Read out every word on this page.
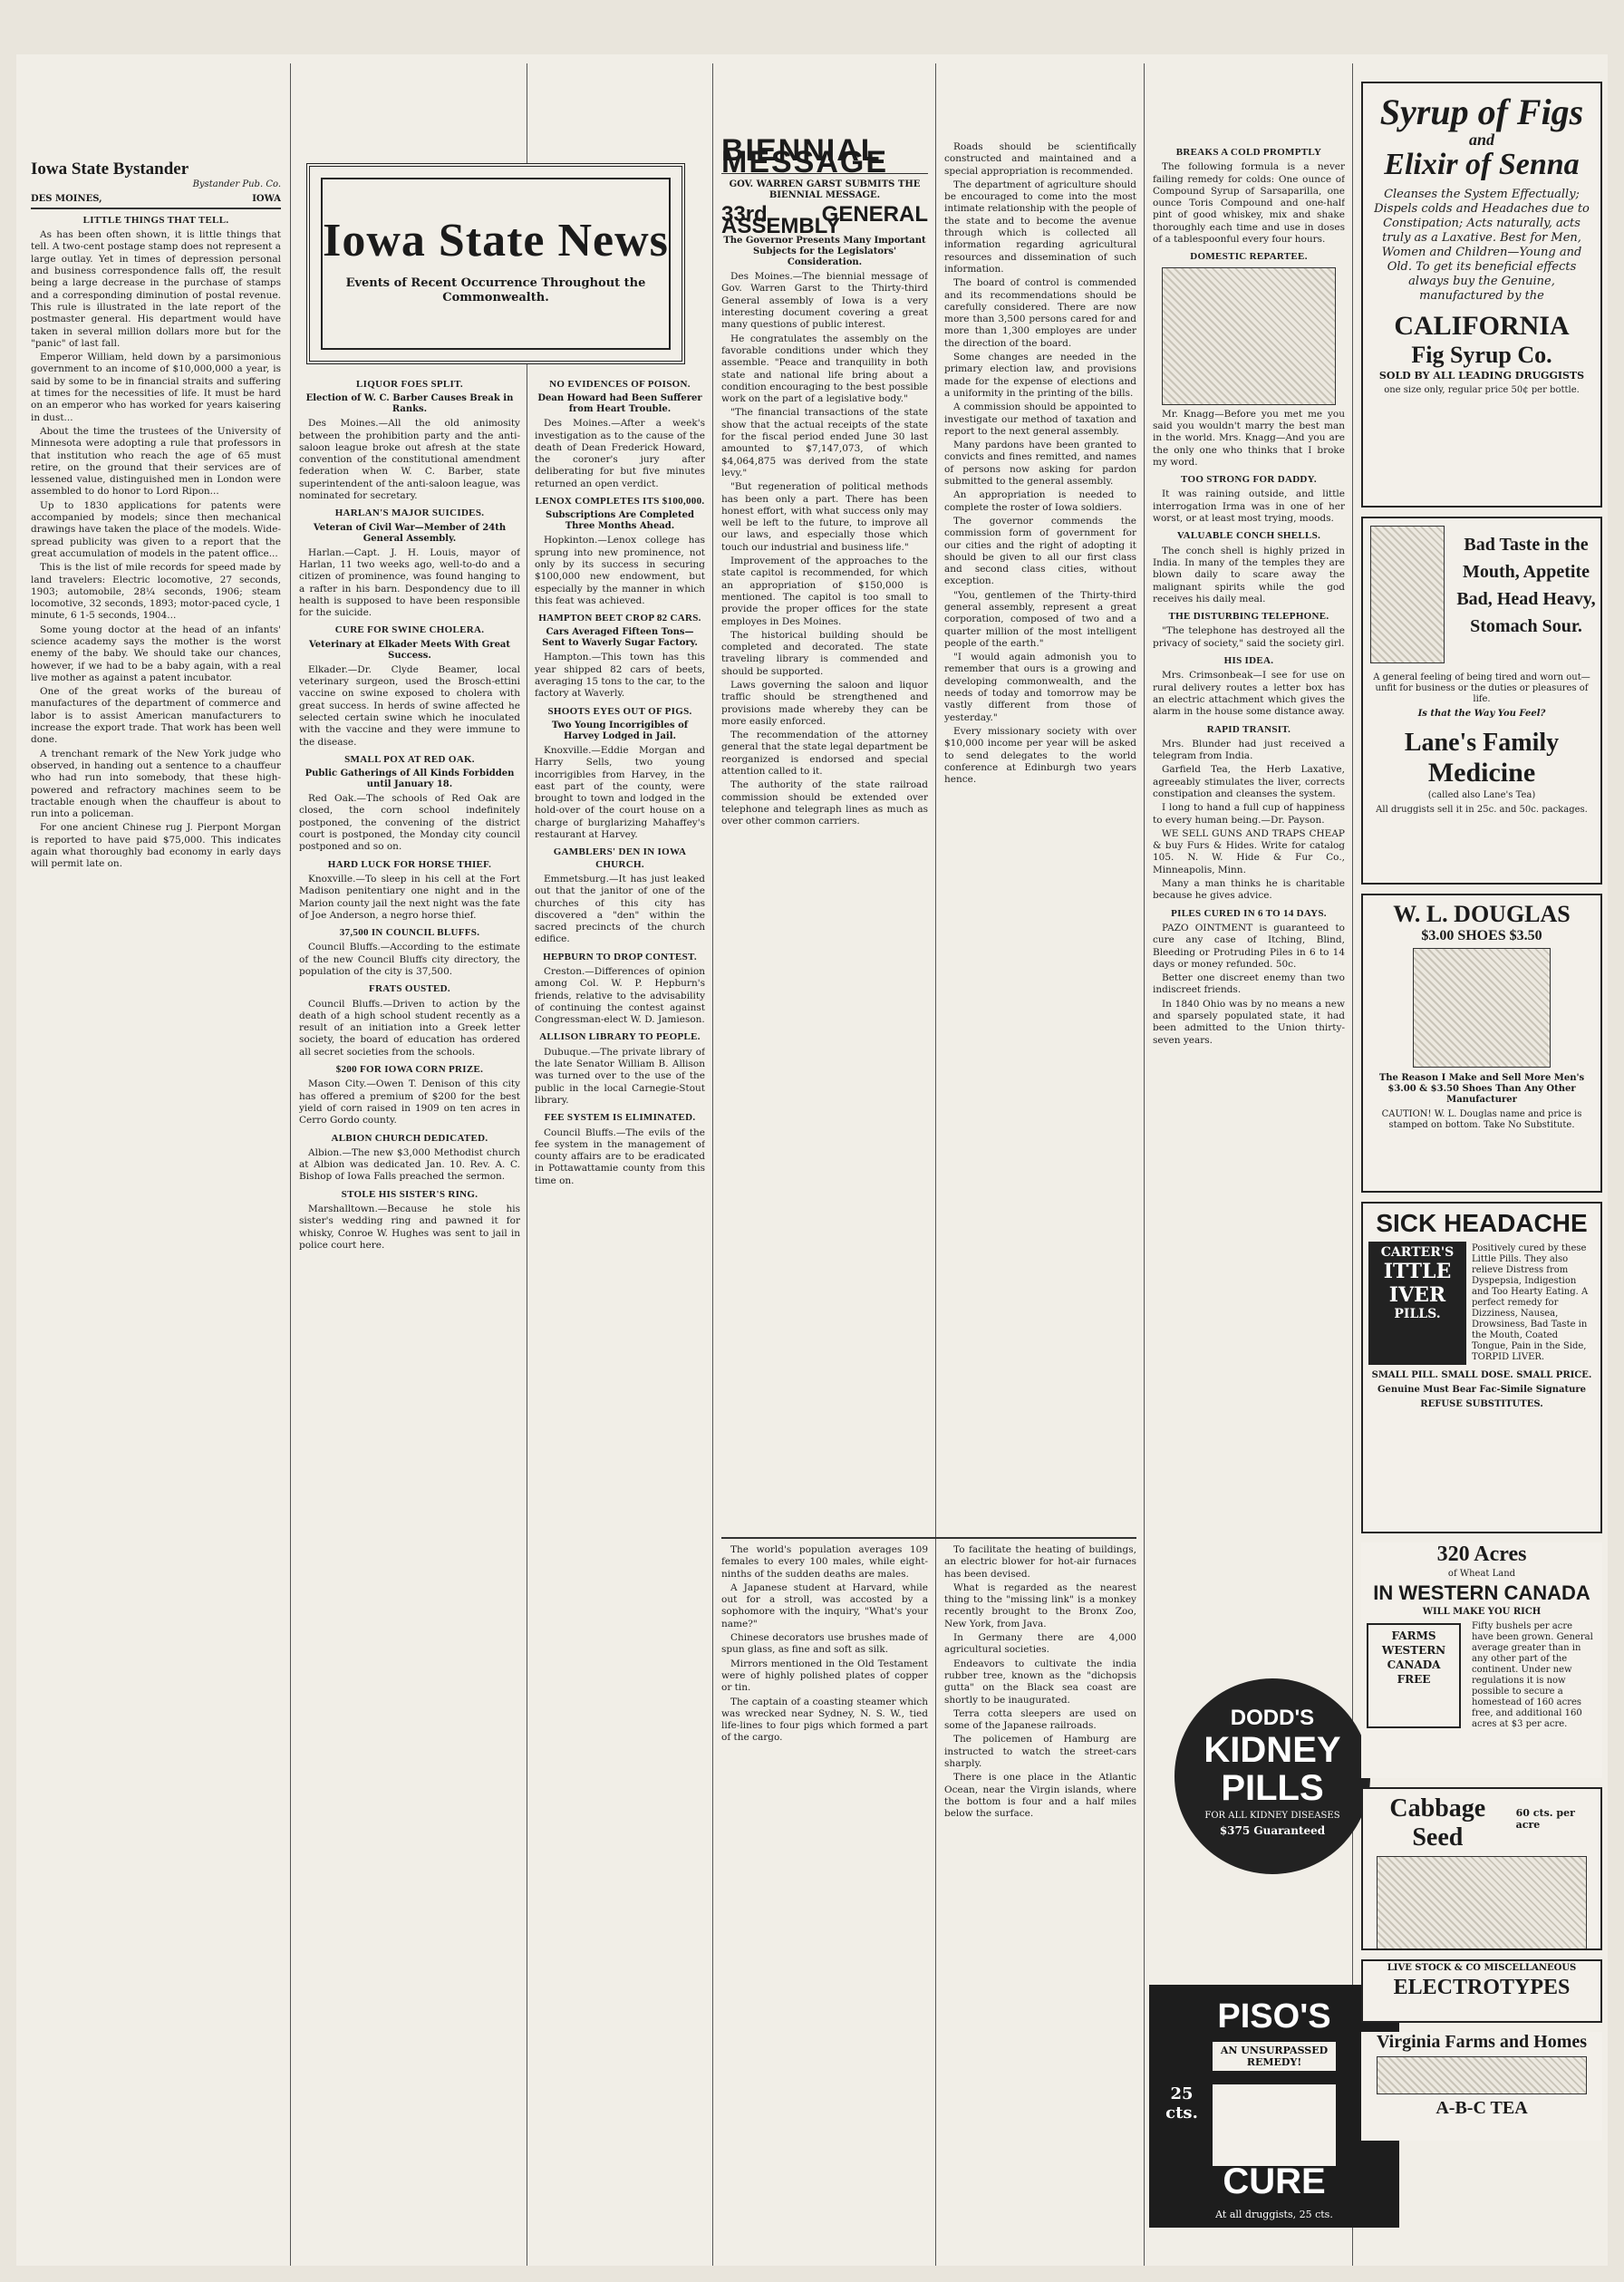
Iowa State Bystander
Bystander Pub. Co.
DES MOINES,	IOWA
LITTLE THINGS THAT TELL.

As has been often shown, it is little things that tell. A two-cent postage stamp does not represent a large outlay. Yet in times of depression personal and business correspondence falls off, the result being a large decrease in the purchase of stamps and a corresponding diminution of postal revenue. This rule is illustrated in the late report of the postmaster general. His department would have taken in several million dollars more but for the "panic" of last fall.

Emperor William, held down by a parsimonious government to an income of $10,000,000 a year, is said by some to be in financial straits and suffering at times for the necessities of life. It must be hard on an emperor who has worked for years kaisering in dust...

About the time the trustees of the University of Minnesota were adopting a rule that professors in that institution who reach the age of 65 must retire, on the ground that their services are of lessened value, distinguished men in London were assembled to do honor to Lord Ripon...

Up to 1830 applications for patents were accompanied by models; since then mechanical drawings have taken the place of the models. Wide-spread publicity was given to a report that the great accumulation of models in the patent office...

This is the list of mile records for speed made by land travelers: Electric locomotive, 27 seconds, 1903; automobile, 28¼ seconds, 1906; steam locomotive, 32 seconds, 1893; motor-paced cycle, 1 minute, 6 1-5 seconds, 1904...

Some young doctor at the head of an infants' science academy says the mother is the worst enemy of the baby. We should take our chances, however, if we had to be a baby again, with a real live mother as against a patent incubator.

One of the great works of the bureau of manufactures of the department of commerce and labor is to assist American manufacturers to increase the export trade. That work has been well done.

A trenchant remark of the New York judge who observed, in handing out a sentence to a chauffeur who had run into somebody, that these high-powered and refractory machines seem to be tractable enough when the chauffeur is about to run into a policeman.

For one ancient Chinese rug J. Pierpont Morgan is reported to have paid $75,000. This indicates again what thoroughly bad economy in early days will permit late on.

Iowa State News
Events of Recent Occurrence Throughout the Commonwealth.
LIQUOR FOES SPLIT.
Election of W. C. Barber Causes Break in Ranks.

Des Moines.—All the old animosity between the prohibition party and the anti-saloon league broke out afresh at the state convention of the constitutional amendment federation when W. C. Barber, state superintendent of the anti-saloon league, was nominated for secretary.

HARLAN'S MAJOR SUICIDES.
Veteran of Civil War—Member of 24th General Assembly.

Harlan.—Capt. J. H. Louis, mayor of Harlan, 11 two weeks ago, well-to-do and a citizen of prominence, was found hanging to a rafter in his barn. Despondency due to ill health is supposed to have been responsible for the suicide.

CURE FOR SWINE CHOLERA.
Veterinary at Elkader Meets With Great Success.

Elkader.—Dr. Clyde Beamer, local veterinary surgeon, used the Brosch-ettini vaccine on swine exposed to cholera with great success. In herds of swine affected he selected certain swine which he inoculated with the vaccine and they were immune to the disease.

SMALL POX AT RED OAK.
Public Gatherings of All Kinds Forbidden until January 18.

Red Oak.—The schools of Red Oak are closed, the corn school indefinitely postponed, the convening of the district court is postponed, the Monday city council postponed and so on.

HARD LUCK FOR HORSE THIEF.

Knoxville.—To sleep in his cell at the Fort Madison penitentiary one night and in the Marion county jail the next night was the fate of Joe Anderson, a negro horse thief.

37,500 IN COUNCIL BLUFFS.

Council Bluffs.—According to the estimate of the new Council Bluffs city directory, the population of the city is 37,500.

FRATS OUSTED.

Council Bluffs.—Driven to action by the death of a high school student recently as a result of an initiation into a Greek letter society, the board of education has ordered all secret societies from the schools.

$200 FOR IOWA CORN PRIZE.

Mason City.—Owen T. Denison of this city has offered a premium of $200 for the best yield of corn raised in 1909 on ten acres in Cerro Gordo county.

ALBION CHURCH DEDICATED.

Albion.—The new $3,000 Methodist church at Albion was dedicated Jan. 10. Rev. A. C. Bishop of Iowa Falls preached the sermon.

STOLE HIS SISTER'S RING.

Marshalltown.—Because he stole his sister's wedding ring and pawned it for whisky, Conroe W. Hughes was sent to jail in police court here.

NO EVIDENCES OF POISON.
Dean Howard had Been Sufferer from Heart Trouble.

Des Moines.—After a week's investigation as to the cause of the death of Dean Frederick Howard, the coroner's jury after deliberating for but five minutes returned an open verdict.

LENOX COMPLETES ITS $100,000.
Subscriptions Are Completed Three Months Ahead.

Hopkinton.—Lenox college has sprung into new prominence, not only by its success in securing $100,000 new endowment, but especially by the manner in which this feat was achieved.

HAMPTON BEET CROP 82 CARS.
Cars Averaged Fifteen Tons—Sent to Waverly Sugar Factory.

Hampton.—This town has this year shipped 82 cars of beets, averaging 15 tons to the car, to the factory at Waverly.

SHOOTS EYES OUT OF PIGS.
Two Young Incorrigibles of Harvey Lodged in Jail.

Knoxville.—Eddie Morgan and Harry Sells, two young incorrigibles from Harvey, in the east part of the county, were brought to town and lodged in the hold-over of the court house on a charge of burglarizing Mahaffey's restaurant at Harvey.

GAMBLERS' DEN IN IOWA CHURCH.

Emmetsburg.—It has just leaked out that the janitor of one of the churches of this city has discovered a "den" within the sacred precincts of the church edifice.

HEPBURN TO DROP CONTEST.

Creston.—Differences of opinion among Col. W. P. Hepburn's friends, relative to the advisability of continuing the contest against Congressman-elect W. D. Jamieson.

ALLISON LIBRARY TO PEOPLE.

Dubuque.—The private library of the late Senator William B. Allison was turned over to the use of the public in the local Carnegie-Stout library.

FEE SYSTEM IS ELIMINATED.

Council Bluffs.—The evils of the fee system in the management of county affairs are to be eradicated in Pottawattamie county from this time on.

BIENNIAL MESSAGE
GOV. WARREN GARST SUBMITS THE BIENNIAL MESSAGE.
33rd GENERAL ASSEMBLY
The Governor Presents Many Important Subjects for the Legislators' Consideration.

Des Moines.—The biennial message of Gov. Warren Garst to the Thirty-third General assembly of Iowa is a very interesting document covering a great many questions of public interest.

He congratulates the assembly on the favorable conditions under which they assemble. "Peace and tranquility in both state and national life bring about a condition encouraging to the best possible work on the part of a legislative body."

"The financial transactions of the state show that the actual receipts of the state for the fiscal period ended June 30 last amounted to $7,147,073, of which $4,064,875 was derived from the state levy."

"But regeneration of political methods has been only a part. There has been honest effort, with what success only may well be left to the future, to improve all our laws, and especially those which touch our industrial and business life."

Improvement of the approaches to the state capitol is recommended, for which an appropriation of $150,000 is mentioned. The capitol is too small to provide the proper offices for the state employes in Des Moines.

The historical building should be completed and decorated. The state traveling library is commended and should be supported.

Laws governing the saloon and liquor traffic should be strengthened and provisions made whereby they can be more easily enforced.

The recommendation of the attorney general that the state legal department be reorganized is endorsed and special attention called to it.

The authority of the state railroad commission should be extended over telephone and telegraph lines as much as over other common carriers.

Roads should be scientifically constructed and maintained and a special appropriation is recommended.

The department of agriculture should be encouraged to come into the most intimate relationship with the people of the state and to become the avenue through which is collected all information regarding agricultural resources and dissemination of such information.

The board of control is commended and its recommendations should be carefully considered. There are now more than 3,500 persons cared for and more than 1,300 employes are under the direction of the board.

Some changes are needed in the primary election law, and provisions made for the expense of elections and a uniformity in the printing of the bills.

A commission should be appointed to investigate our method of taxation and report to the next general assembly.

Many pardons have been granted to convicts and fines remitted, and names of persons now asking for pardon submitted to the general assembly.

An appropriation is needed to complete the roster of Iowa soldiers.

The governor commends the commission form of government for our cities and the right of adopting it should be given to all our first class and second class cities, without exception.

"You, gentlemen of the Thirty-third general assembly, represent a great corporation, composed of two and a quarter million of the most intelligent people of the earth."

"I would again admonish you to remember that ours is a growing and developing commonwealth, and the needs of today and tomorrow may be vastly different from those of yesterday."

Every missionary society with over $10,000 income per year will be asked to send delegates to the world conference at Edinburgh two years hence.

The world's population averages 109 females to every 100 males, while eight-ninths of the sudden deaths are males.

A Japanese student at Harvard, while out for a stroll, was accosted by a sophomore with the inquiry, "What's your name?"

Chinese decorators use brushes made of spun glass, as fine and soft as silk.

Mirrors mentioned in the Old Testament were of highly polished plates of copper or tin.

The captain of a coasting steamer which was wrecked near Sydney, N. S. W., tied life-lines to four pigs which formed a part of the cargo.

To facilitate the heating of buildings, an electric blower for hot-air furnaces has been devised.

What is regarded as the nearest thing to the "missing link" is a monkey recently brought to the Bronx Zoo, New York, from Java.

In Germany there are 4,000 agricultural societies.

Endeavors to cultivate the india rubber tree, known as the "dichopsis gutta" on the Black sea coast are shortly to be inaugurated.

Terra cotta sleepers are used on some of the Japanese railroads.

The policemen of Hamburg are instructed to watch the street-cars sharply.

There is one place in the Atlantic Ocean, near the Virgin islands, where the bottom is four and a half miles below the surface.

BREAKS A COLD PROMPTLY

The following formula is a never failing remedy for colds: One ounce of Compound Syrup of Sarsaparilla, one ounce Toris Compound and one-half pint of good whiskey, mix and shake thoroughly each time and use in doses of a tablespoonful every four hours.

DOMESTIC REPARTEE.

Mr. Knagg—Before you met me you said you wouldn't marry the best man in the world. Mrs. Knagg—And you are the only one who thinks that I broke my word.

TOO STRONG FOR DADDY.

It was raining outside, and little interrogation Irma was in one of her worst, or at least most trying, moods.

VALUABLE CONCH SHELLS.

The conch shell is highly prized in India. In many of the temples they are blown daily to scare away the malignant spirits while the god receives his daily meal.

THE DISTURBING TELEPHONE.

"The telephone has destroyed all the privacy of society," said the society girl.

HIS IDEA.

Mrs. Crimsonbeak—I see for use on rural delivery routes a letter box has an electric attachment which gives the alarm in the house some distance away.

RAPID TRANSIT.

Mrs. Blunder had just received a telegram from India.

Garfield Tea, the Herb Laxative, agreeably stimulates the liver, corrects constipation and cleanses the system.

I long to hand a full cup of happiness to every human being.—Dr. Payson.

WE SELL GUNS AND TRAPS CHEAP & buy Furs & Hides. Write for catalog 105. N. W. Hide & Fur Co., Minneapolis, Minn.

Many a man thinks he is charitable because he gives advice.

PILES CURED IN 6 TO 14 DAYS.

PAZO OINTMENT is guaranteed to cure any case of Itching, Blind, Bleeding or Protruding Piles in 6 to 14 days or money refunded. 50c.

Better one discreet enemy than two indiscreet friends.

In 1840 Ohio was by no means a new and sparsely populated state, it had been admitted to the Union thirty-seven years.

DODD'S
KIDNEY
PILLS
FOR ALL KIDNEY DISEASES
$375 Guaranteed
PISO'S
AN UNSURPASSED REMEDY!
25 cts.
CURE
At all druggists, 25 cts.
Syrup of Figs
and
Elixir of Senna
Cleanses the System Effectually; Dispels colds and Headaches due to Constipation; Acts naturally, acts truly as a Laxative. Best for Men, Women and Children—Young and Old. To get its beneficial effects always buy the Genuine, manufactured by the
CALIFORNIA
Fig Syrup Co.
SOLD BY ALL LEADING DRUGGISTS
one size only, regular price 50¢ per bottle.
Bad Taste in the Mouth, Appetite Bad, Head Heavy, Stomach Sour.
A general feeling of being tired and worn out—unfit for business or the duties or pleasures of life.
Is that the Way You Feel?
Lane's Family
Medicine
(called also Lane's Tea)
All druggists sell it in 25c. and 50c. packages.
W. L. DOUGLAS
$3.00 SHOES $3.50
The Reason I Make and Sell More Men's $3.00 & $3.50 Shoes Than Any Other Manufacturer
CAUTION! W. L. Douglas name and price is stamped on bottom. Take No Substitute.
SICK HEADACHE
CARTER'S
ITTLE
IVER
PILLS.
Positively cured by these Little Pills. They also relieve Distress from Dyspepsia, Indigestion and Too Hearty Eating. A perfect remedy for Dizziness, Nausea, Drowsiness, Bad Taste in the Mouth, Coated Tongue, Pain in the Side, TORPID LIVER.
SMALL PILL. SMALL DOSE. SMALL PRICE.
Genuine Must Bear Fac-Simile Signature
REFUSE SUBSTITUTES.
320 Acres
of Wheat Land
IN WESTERN CANADA
WILL MAKE YOU RICH
FARMS
WESTERN
CANADA
FREE
Fifty bushels per acre have been grown. General average greater than in any other part of the continent. Under new regulations it is now possible to secure a homestead of 160 acres free, and additional 160 acres at $3 per acre.
Cabbage Seed
60 cts. per acre
LIVE STOCK & CO MISCELLANEOUS
ELECTROTYPES
Virginia Farms and Homes
A-B-C TEA
